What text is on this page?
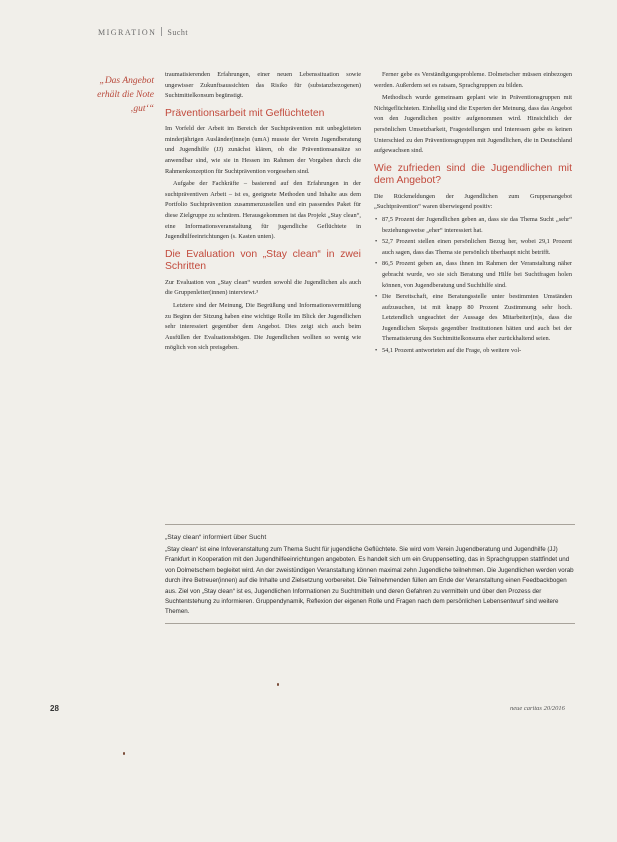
MIGRATION Sucht
„Das Angebot erhält die Note ‚gut‘“

traumatisierenden Erfahrungen, einer neuen Lebenssituation sowie ungewisser Zukunftsaussichten das Risiko für (substanzbezogenen) Suchtmittelkonsum begünstigt.

Präventionsarbeit mit Geflüchteten

Im Vorfeld der Arbeit im Bereich der Suchtprävention mit unbegleiteten minderjährigen Ausländer(inne)n (umA) musste der Verein Jugendberatung und Jugendhilfe (JJ) zunächst klären, ob die Präventionsansätze so anwendbar sind, wie sie in Hessen im Rahmen der Vorgaben durch die Rahmenkonzeption für Suchtprävention vorgesehen sind.

Aufgabe der Fachkräfte – basierend auf den Erfahrungen in der suchtpräventiven Arbeit – ist es, geeignete Methoden und Inhalte aus dem Portfolio Suchtprävention zusammenzustellen und ein passendes Paket für diese Zielgruppe zu schnüren. Herausgekommen ist das Projekt „Stay clean“, eine Informationsveranstaltung für jugendliche Geflüchtete in Jugendhilfeeinrichtungen (s. Kasten unten).

Die Evaluation von „Stay clean“ in zwei Schritten

Zur Evaluation von „Stay clean“ wurden sowohl die Jugendlichen als auch die Gruppenleiter(innen) interviewt.³

Letztere sind der Meinung, Die Begrüßung und Informationsvermittlung zu Beginn der Sitzung haben eine wichtige Rolle im Blick der Jugendlichen sehr interessiert gegenüber dem Angebot. Dies zeigt sich auch beim Ausfüllen der Evaluationsbögen. Die Jugendlichen wollten so wenig wie möglich von sich preisgeben.

Ferner gebe es Verständigungsprobleme. Dolmetscher müssen einbezogen werden. Außerdem sei es ratsam, Sprachgruppen zu bilden.

Methodisch wurde gemeinsam geplant wie in Präventionsgruppen mit Nichtgeflüchteten. Einhellig sind die Experten der Meinung, dass das Angebot von den Jugendlichen positiv aufgenommen wird. Hinsichtlich der persönlichen Umsetzbarkeit, Fragestellungen und Interessen gebe es keinen Unterschied zu den Präventionsgruppen mit Jugendlichen, die in Deutschland aufgewachsen sind.

Wie zufrieden sind die Jugendlichen mit dem Angebot?

Die Rückmeldungen der Jugendlichen zum Gruppenangebot „Suchtprävention“ waren überwiegend positiv:

• 87,5 Prozent der Jugendlichen geben an, dass sie das Thema Sucht „sehr“ beziehungsweise „eher“ interessiert hat.
• 52,7 Prozent stellen einen persönlichen Bezug her, wobei 29,1 Prozent auch sagen, dass das Thema sie persönlich überhaupt nicht betrifft.
• 86,5 Prozent geben an, dass ihnen im Rahmen der Veranstaltung näher gebracht wurde, wo sie sich Beratung und Hilfe bei Suchtfragen holen können, von Jugendberatung und Suchthilfe sind.
• Die Bereitschaft, eine Beratungsstelle unter bestimmten Umständen aufzusuchen, ist mit knapp 80 Prozent Zustimmung sehr hoch. Letztendlich ungeachtet der Aussage des Mitarbeiter(in)s, dass die Jugendlichen Skepsis gegenüber Institutionen hätten und auch bei der Thematisierung des Suchtmittelkonsums eher zurückhaltend seien.
• 54,1 Prozent antworteten auf die Frage, ob weitere vol-
„Stay clean“ informiert über Sucht

„Stay clean“ ist eine Infoveranstaltung zum Thema Sucht für jugendliche Geflüchtete. Sie wird vom Verein Jugendberatung und Jugendhilfe (JJ) Frankfurt in Kooperation mit den Jugendhilfeeinrichtungen angeboten. Es handelt sich um ein Gruppensetting, das in Sprachgruppen stattfindet und von Dolmetschern begleitet wird. An der zweistündigen Veranstaltung können maximal zehn Jugendliche teilnehmen. Die Jugendlichen werden vorab durch ihre Betreuer(innen) auf die Inhalte und Zielsetzung vorbereitet. Die Teilnehmenden füllen am Ende der Veranstaltung einen Feedbackbogen aus. Ziel von „Stay clean“ ist es, Jugendlichen Informationen zu Suchtmitteln und deren Gefahren zu vermitteln und über den Prozess der Suchtentstehung zu informieren. Gruppendynamik, Reflexion der eigenen Rolle und Fragen nach dem persönlichen Lebensentwurf sind weitere Themen.

28	neue caritas 20/2016
